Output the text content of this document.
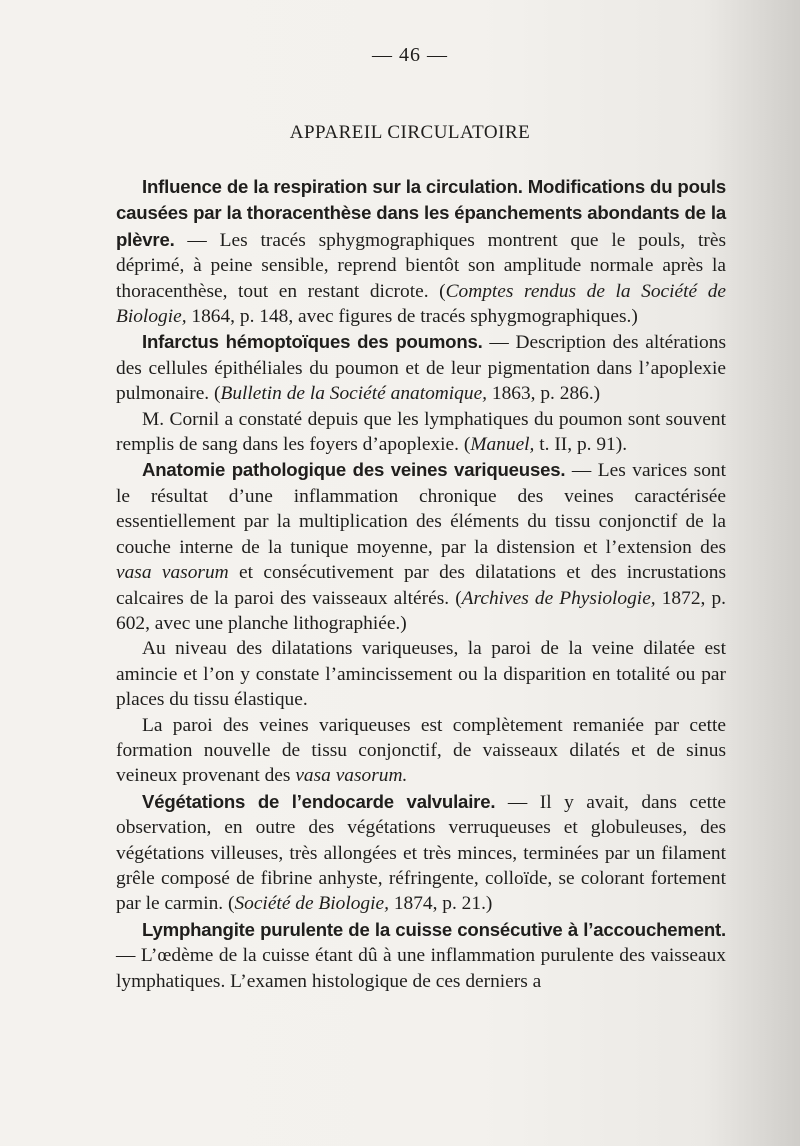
— 46 —
APPAREIL CIRCULATOIRE

Influence de la respiration sur la circulation. Modifications du pouls causées par la thoracenthèse dans les épanchements abondants de la plèvre. — Les tracés sphygmographiques montrent que le pouls, très déprimé, à peine sensible, reprend bientôt son amplitude normale après la thoracenthèse, tout en restant dicrote. (Comptes rendus de la Société de Biologie, 1864, p. 148, avec figures de tracés sphygmographiques.)

Infarctus hémoptoïques des poumons. — Description des altérations des cellules épithéliales du poumon et de leur pigmentation dans l’apoplexie pulmonaire. (Bulletin de la Société anatomique, 1863, p. 286.)

M. Cornil a constaté depuis que les lymphatiques du poumon sont souvent remplis de sang dans les foyers d’apoplexie. (Manuel, t. II, p. 91).

Anatomie pathologique des veines variqueuses. — Les varices sont le résultat d’une inflammation chronique des veines caractérisée essentiellement par la multiplication des éléments du tissu conjonctif de la couche interne de la tunique moyenne, par la distension et l’extension des vasa vasorum et consécutivement par des dilatations et des incrustations calcaires de la paroi des vaisseaux altérés. (Archives de Physiologie, 1872, p. 602, avec une planche lithographiée.)

Au niveau des dilatations variqueuses, la paroi de la veine dilatée est amincie et l’on y constate l’amincissement ou la disparition en totalité ou par places du tissu élastique.

La paroi des veines variqueuses est complètement remaniée par cette formation nouvelle de tissu conjonctif, de vaisseaux dilatés et de sinus veineux provenant des vasa vasorum.

Végétations de l’endocarde valvulaire. — Il y avait, dans cette observation, en outre des végétations verruqueuses et globuleuses, des végétations villeuses, très allongées et très minces, terminées par un filament grêle composé de fibrine anhyste, réfringente, colloïde, se colorant fortement par le carmin. (Société de Biologie, 1874, p. 21.)

Lymphangite purulente de la cuisse consécutive à l’accouchement. — L’œdème de la cuisse étant dû à une inflammation purulente des vaisseaux lymphatiques. L’examen histologique de ces derniers a
